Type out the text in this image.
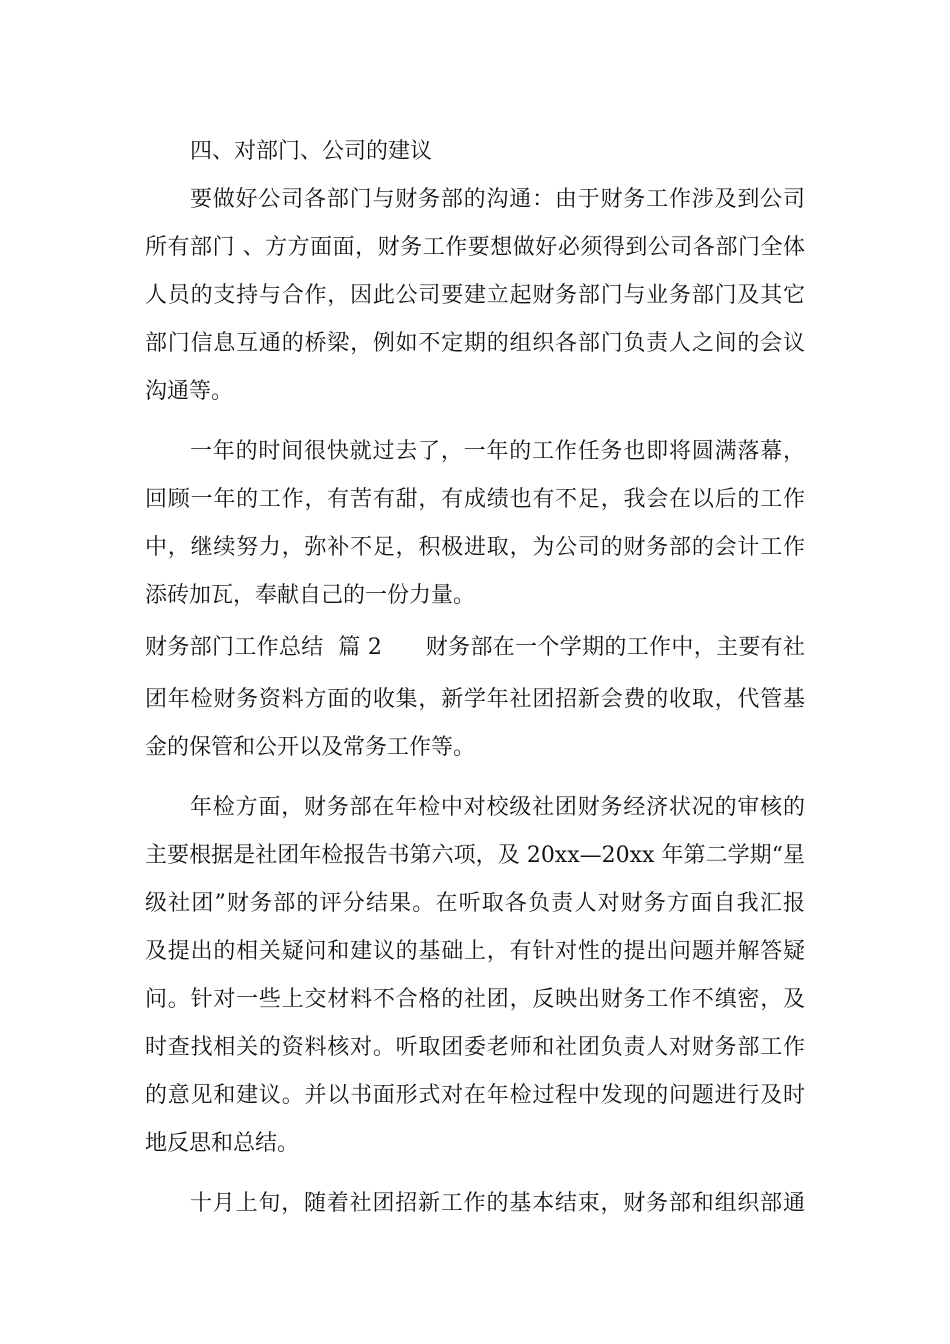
四、对部门、公司的建议
要做好公司各部门与财务部的沟通：由于财务工作涉及到公司
所有部门 、方方面面，财务工作要想做好必须得到公司各部门全体
人员的支持与合作，因此公司要建立起财务部门与业务部门及其它
部门信息互通的桥梁，例如不定期的组织各部门负责人之间的会议
沟通等。
一年的时间很快就过去了，一年的工作任务也即将圆满落幕，
回顾一年的工作，有苦有甜，有成绩也有不足，我会在以后的工作
中，继续努力，弥补不足，积极进取，为公司的财务部的会计工作
添砖加瓦，奉献自己的一份力量。
财务部门工作总结  篇 2      财务部在一个学期的工作中，主要有社
团年检财务资料方面的收集，新学年社团招新会费的收取，代管基
金的保管和公开以及常务工作等。
年检方面，财务部在年检中对校级社团财务经济状况的审核的
主要根据是社团年检报告书第六项，及 20xx—20xx 年第二学期“星
级社团”财务部的评分结果。在听取各负责人对财务方面自我汇报
及提出的相关疑问和建议的基础上，有针对性的提出问题并解答疑
问。针对一些上交材料不合格的社团，反映出财务工作不缜密，及
时查找相关的资料核对。听取团委老师和社团负责人对财务部工作
的意见和建议。并以书面形式对在年检过程中发现的问题进行及时
地反思和总结。
十月上旬，随着社团招新工作的基本结束，财务部和组织部通
